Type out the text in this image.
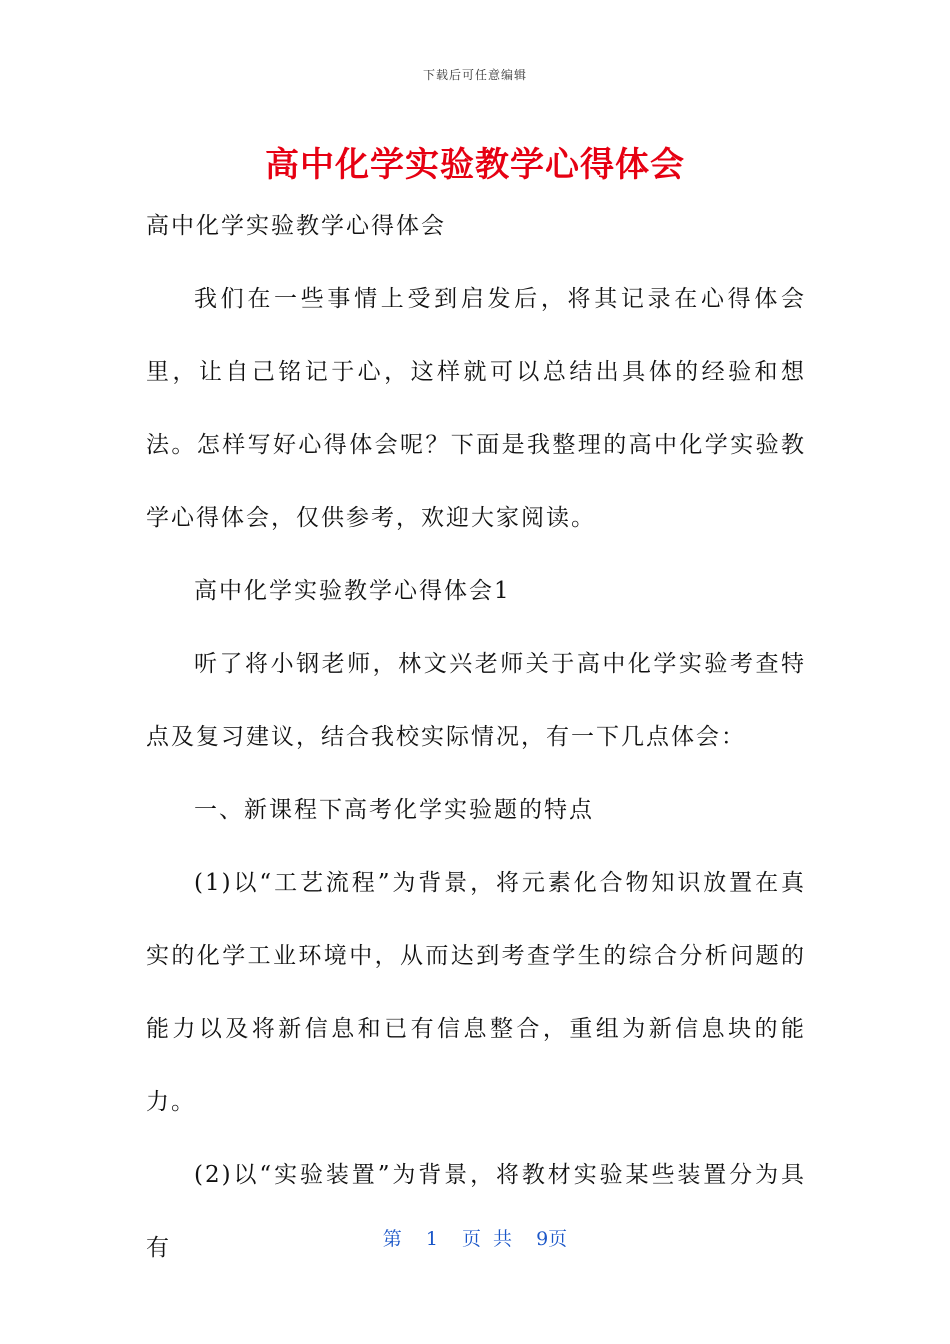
下载后可任意编辑
高中化学实验教学心得体会

高中化学实验教学心得体会

我们在一些事情上受到启发后，将其记录在心得体会里，让自己铭记于心，这样就可以总结出具体的经验和想法。怎样写好心得体会呢？下面是我整理的高中化学实验教学心得体会，仅供参考，欢迎大家阅读。

高中化学实验教学心得体会1

听了将小钢老师，林文兴老师关于高中化学实验考查特点及复习建议，结合我校实际情况，有一下几点体会：

一、新课程下高考化学实验题的特点

(1)以“工艺流程”为背景，将元素化合物知识放置在真实的化学工业环境中，从而达到考查学生的综合分析问题的能力以及将新信息和已有信息整合，重组为新信息块的能力。

(2)以“实验装置”为背景，将教材实验某些装置分为具有	第 1 页 共 9页
